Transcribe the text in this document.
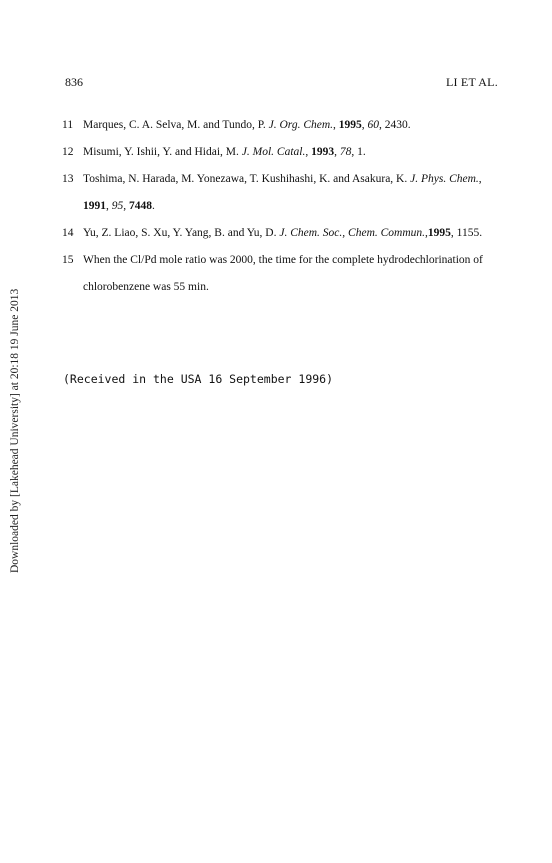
836	LI ET AL.
11 Marques, C. A. Selva, M. and Tundo, P. J. Org. Chem., 1995, 60, 2430.
12 Misumi, Y. Ishii, Y. and Hidai, M. J. Mol. Catal., 1993, 78, 1.
13 Toshima, N. Harada, M. Yonezawa, T. Kushihashi, K. and Asakura, K. J. Phys. Chem., 1991, 95, 7448.
14 Yu, Z. Liao, S. Xu, Y. Yang, B. and Yu, D. J. Chem. Soc., Chem. Commun.,1995, 1155.
15 When the Cl/Pd mole ratio was 2000, the time for the complete hydrodechlorination of chlorobenzene was 55 min.
(Received in the USA 16 September 1996)
Downloaded by [Lakehead University] at 20:18 19 June 2013
